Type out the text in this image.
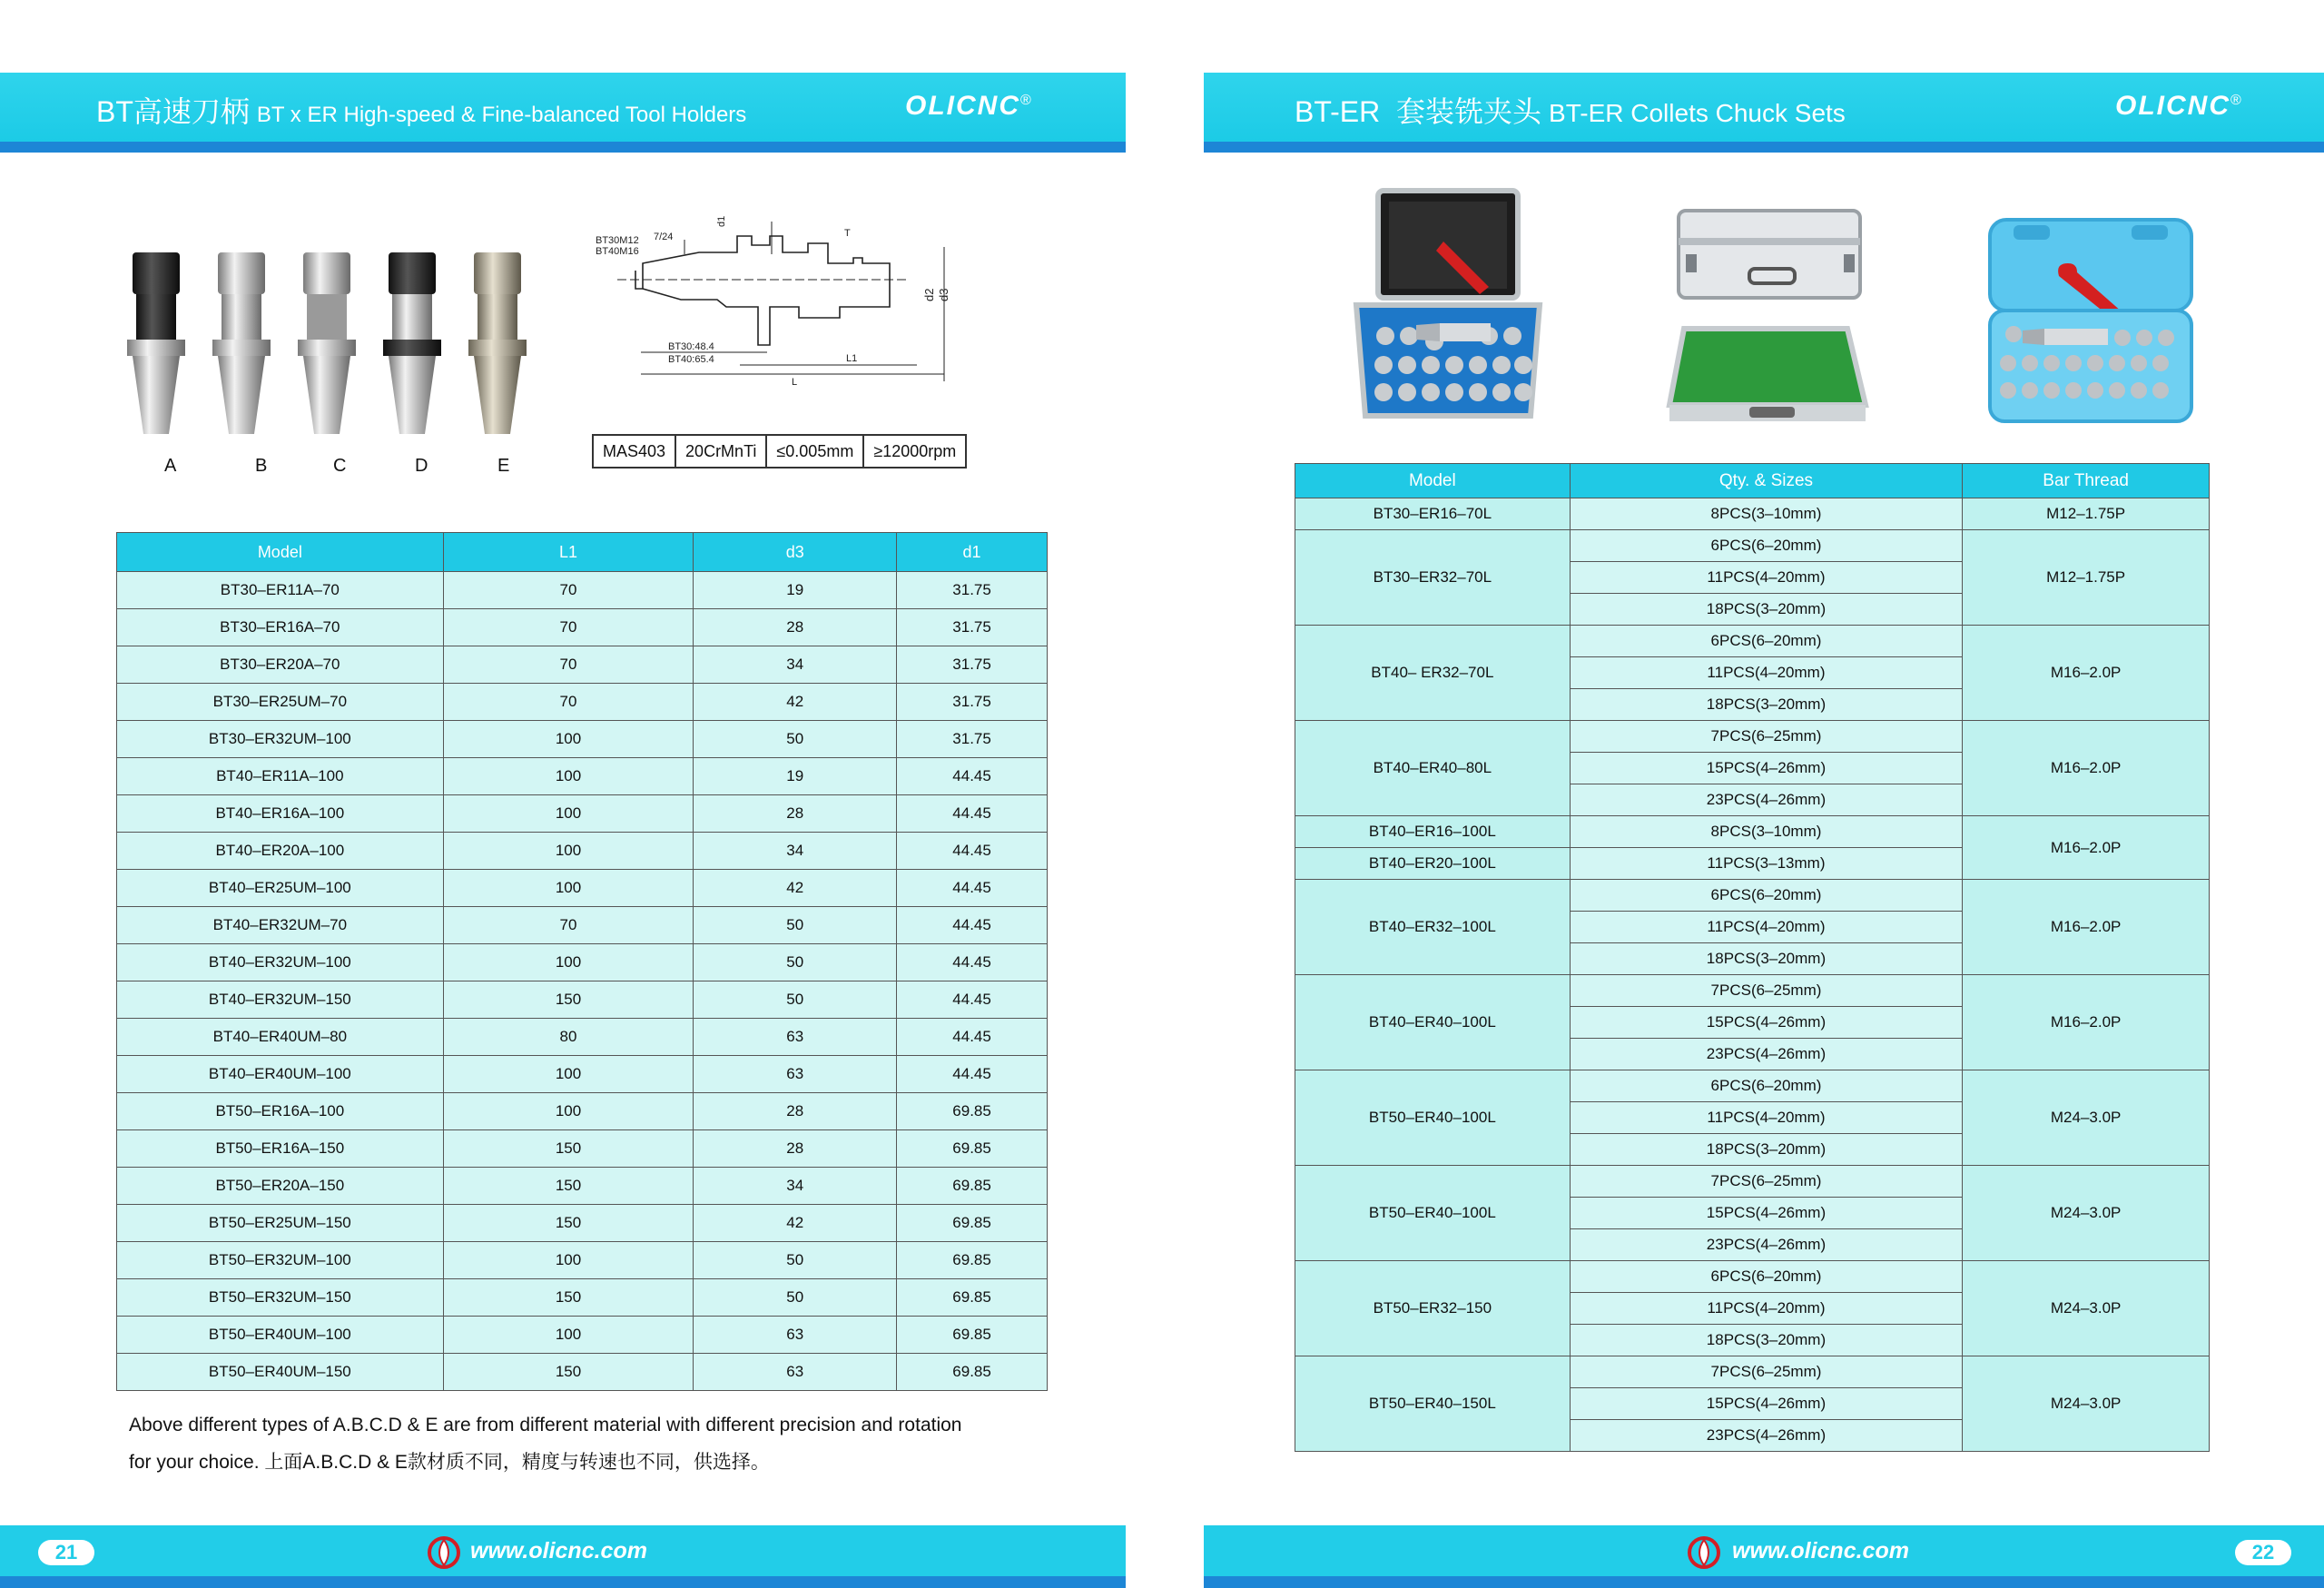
BT高速刀柄 BT x ER High-speed & Fine-balanced Tool Holders	OLICNC®	BT-ER  套装铣夹头 BT-ER Collets Chuck Sets	OLICNC®
A	B	C	D	E
BT30M12
BT40M16
7/24
d1
T
d2 d3
BT30:48.4
BT40:65.4	L1
L
MAS403	20CrMnTi	≤0.005mm	≥12000rpm
Model	L1	d3	d1
BT30–ER11A–70	70	19	31.75
BT30–ER16A–70	70	28	31.75
BT30–ER20A–70	70	34	31.75
BT30–ER25UM–70	70	42	31.75
BT30–ER32UM–100	100	50	31.75
BT40–ER11A–100	100	19	44.45
BT40–ER16A–100	100	28	44.45
BT40–ER20A–100	100	34	44.45
BT40–ER25UM–100	100	42	44.45
BT40–ER32UM–70	70	50	44.45
BT40–ER32UM–100	100	50	44.45
BT40–ER32UM–150	150	50	44.45
BT40–ER40UM–80	80	63	44.45
BT40–ER40UM–100	100	63	44.45
BT50–ER16A–100	100	28	69.85
BT50–ER16A–150	150	28	69.85
BT50–ER20A–150	150	34	69.85
BT50–ER25UM–150	150	42	69.85
BT50–ER32UM–100	100	50	69.85
BT50–ER32UM–150	150	50	69.85
BT50–ER40UM–100	100	63	69.85
BT50–ER40UM–150	150	63	69.85
Above different types of A.B.C.D & E are from different material with different precision and rotation
for your choice. 上面A.B.C.D & E款材质不同，精度与转速也不同，供选择。
Model	Qty. & Sizes	Bar Thread
BT30–ER16–70L	8PCS(3–10mm)	M12–1.75P
BT30–ER32–70L	6PCS(6–20mm)	M12–1.75P
	11PCS(4–20mm)	
	18PCS(3–20mm)	
BT40– ER32–70L	6PCS(6–20mm)	M16–2.0P
	11PCS(4–20mm)	
	18PCS(3–20mm)	
BT40–ER40–80L	7PCS(6–25mm)	M16–2.0P
	15PCS(4–26mm)	
	23PCS(4–26mm)	
BT40–ER16–100L	8PCS(3–10mm)	M16–2.0P
BT40–ER20–100L	11PCS(3–13mm)	
BT40–ER32–100L	6PCS(6–20mm)	M16–2.0P
	11PCS(4–20mm)	
	18PCS(3–20mm)	
BT40–ER40–100L	7PCS(6–25mm)	M16–2.0P
	15PCS(4–26mm)	
	23PCS(4–26mm)	
BT50–ER40–100L	6PCS(6–20mm)	M24–3.0P
	11PCS(4–20mm)	
	18PCS(3–20mm)	
BT50–ER40–100L	7PCS(6–25mm)	M24–3.0P
	15PCS(4–26mm)	
	23PCS(4–26mm)	
BT50–ER32–150	6PCS(6–20mm)	M24–3.0P
	11PCS(4–20mm)	
	18PCS(3–20mm)	
BT50–ER40–150L	7PCS(6–25mm)	M24–3.0P
	15PCS(4–26mm)	
	23PCS(4–26mm)	
21	www.olicnc.com	22
www.olicnc.com
